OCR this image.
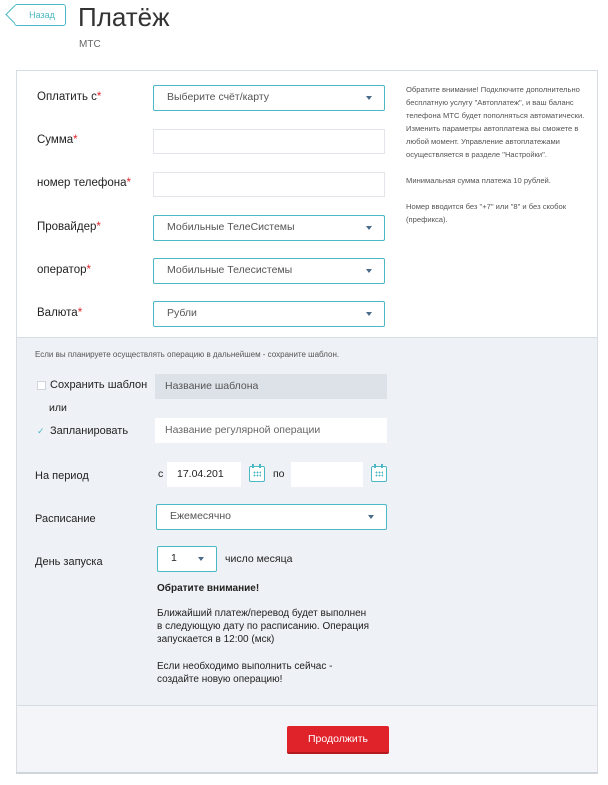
Назад Платёж
МТС
Оплатить с*	Выберите счёт/карту
Сумма*
номер телефона*
Провайдер*	Мобильные ТелеСистемы
оператор*	Мобильные Телесистемы
Валюта*	Рубли

Обратите внимание! Подключите дополнительно бесплатную услугу "Автоплатеж", и ваш баланс телефона МТС будет пополняться автоматически. Изменить параметры автоплатежа вы сможете в любой момент. Управление автоплатежами осуществляется в разделе "Настройки".

Минимальная сумма платежа 10 рублей.

Номер вводится без "+7" или "8" и без скобок (префикса).

Если вы планируете осуществлять операцию в дальнейшем - сохраните шаблон.
Сохранить шаблон	Название шаблона
или
✓ Запланировать	Название регулярной операции
На период	с	17.04.201	по
Расписание	Ежемесячно
День запуска	1	число месяца
Обратите внимание!
Ближайший платеж/перевод будет выполнен в следующую дату по расписанию. Операция запускается в 12:00 (мск)
Если необходимо выполнить сейчас - создайте новую операцию!
Продолжить
